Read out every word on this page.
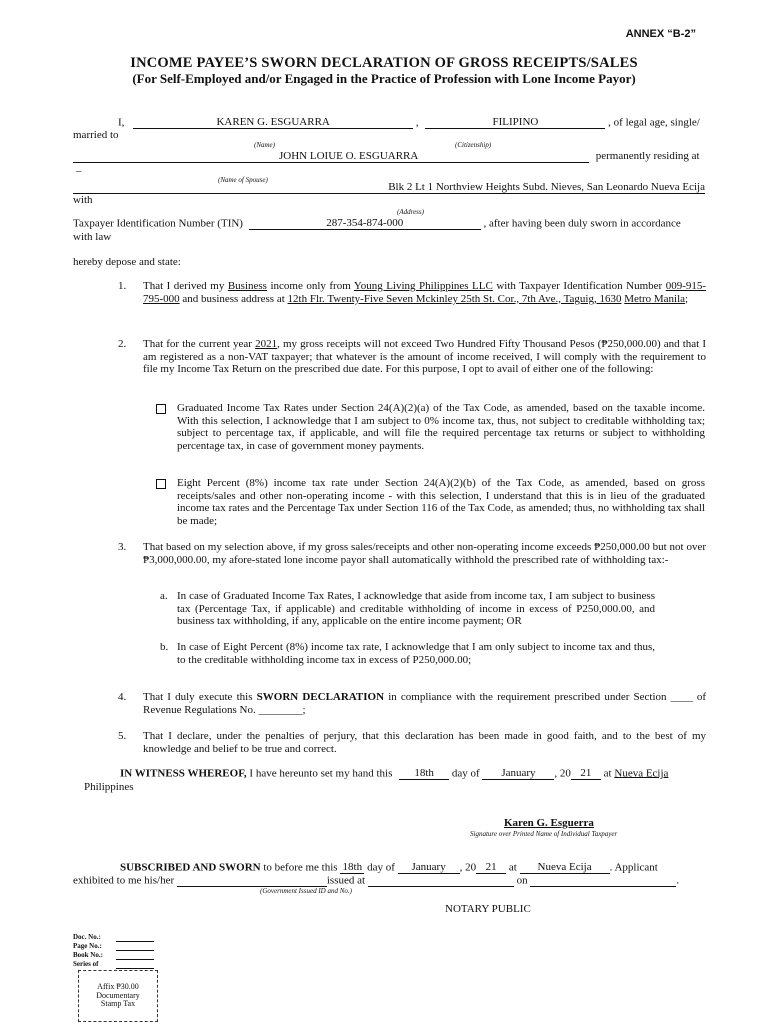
ANNEX “B-2”
INCOME PAYEE’S SWORN DECLARATION OF GROSS RECEIPTS/SALES
(For Self-Employed and/or Engaged in the Practice of Profession with Lone Income Payor)
I,	KAREN G. ESGUARRA	,	FILIPINO	, of legal age, single/
married to
(Name)	(Citizenship)
JOHN LOIUE O. ESGUARRA	permanently residing at
–
(Name of Spouse)
Blk 2 Lt 1 Northview Heights Subd. Nieves, San Leonardo Nueva Ecija
with
(Address)
Taxpayer Identification Number (TIN)	287-354-874-000	, after having been duly sworn in accordance
with law
hereby depose and state:
1. That I derived my Business income only from Young Living Philippines LLC with Taxpayer Identification Number 009-915-795-000 and business address at 12th Flr. Twenty-Five Seven Mckinley 25th St. Cor., 7th Ave., Taguig, 1630 Metro Manila;
2. That for the current year 2021, my gross receipts will not exceed Two Hundred Fifty Thousand Pesos (₱250,000.00) and that I am registered as a non-VAT taxpayer; that whatever is the amount of income received, I will comply with the requirement to file my Income Tax Return on the prescribed due date. For this purpose, I opt to avail of either one of the following:
Graduated Income Tax Rates under Section 24(A)(2)(a) of the Tax Code, as amended, based on the taxable income. With this selection, I acknowledge that I am subject to 0% income tax, thus, not subject to creditable withholding tax; subject to percentage tax, if applicable, and will file the required percentage tax returns or subject to withholding percentage tax, in case of government money payments.
Eight Percent (8%) income tax rate under Section 24(A)(2)(b) of the Tax Code, as amended, based on gross receipts/sales and other non-operating income - with this selection, I understand that this is in lieu of the graduated income tax rates and the Percentage Tax under Section 116 of the Tax Code, as amended; thus, no withholding tax shall be made;
3. That based on my selection above, if my gross sales/receipts and other non-operating income exceeds ₱250,000.00 but not over ₱3,000,000.00, my afore-stated lone income payor shall automatically withhold the prescribed rate of withholding tax:-
a. In case of Graduated Income Tax Rates, I acknowledge that aside from income tax, I am subject to business tax (Percentage Tax, if applicable) and creditable withholding of income in excess of P250,000.00, and business tax withholding, if any, applicable on the entire income payment; OR
b. In case of Eight Percent (8%) income tax rate, I acknowledge that I am only subject to income tax and thus, to the creditable withholding income tax in excess of P250,000.00;
4. That I duly execute this SWORN DECLARATION in compliance with the requirement prescribed under Section ____ of Revenue Regulations No. ________;
5. That I declare, under the penalties of perjury, that this declaration has been made in good faith, and to the best of my knowledge and belief to be true and correct.
IN WITNESS WHEREOF, I have hereunto set my hand this 18th day of January , 20 21 at Nueva Ecija
Philippines
Karen G. Esguerra
Signature over Printed Name of Individual Taxpayer
SUBSCRIBED AND SWORN to before me this 18th day of January , 20 21 at Nueva Ecija . Applicant
exhibited to me his/her	issued at	on	.
(Government Issued ID and No.)
NOTARY PUBLIC
Doc. No.:
Page No.:
Book No.:
Series of
Affix ₱30.00
Documentary
Stamp Tax
